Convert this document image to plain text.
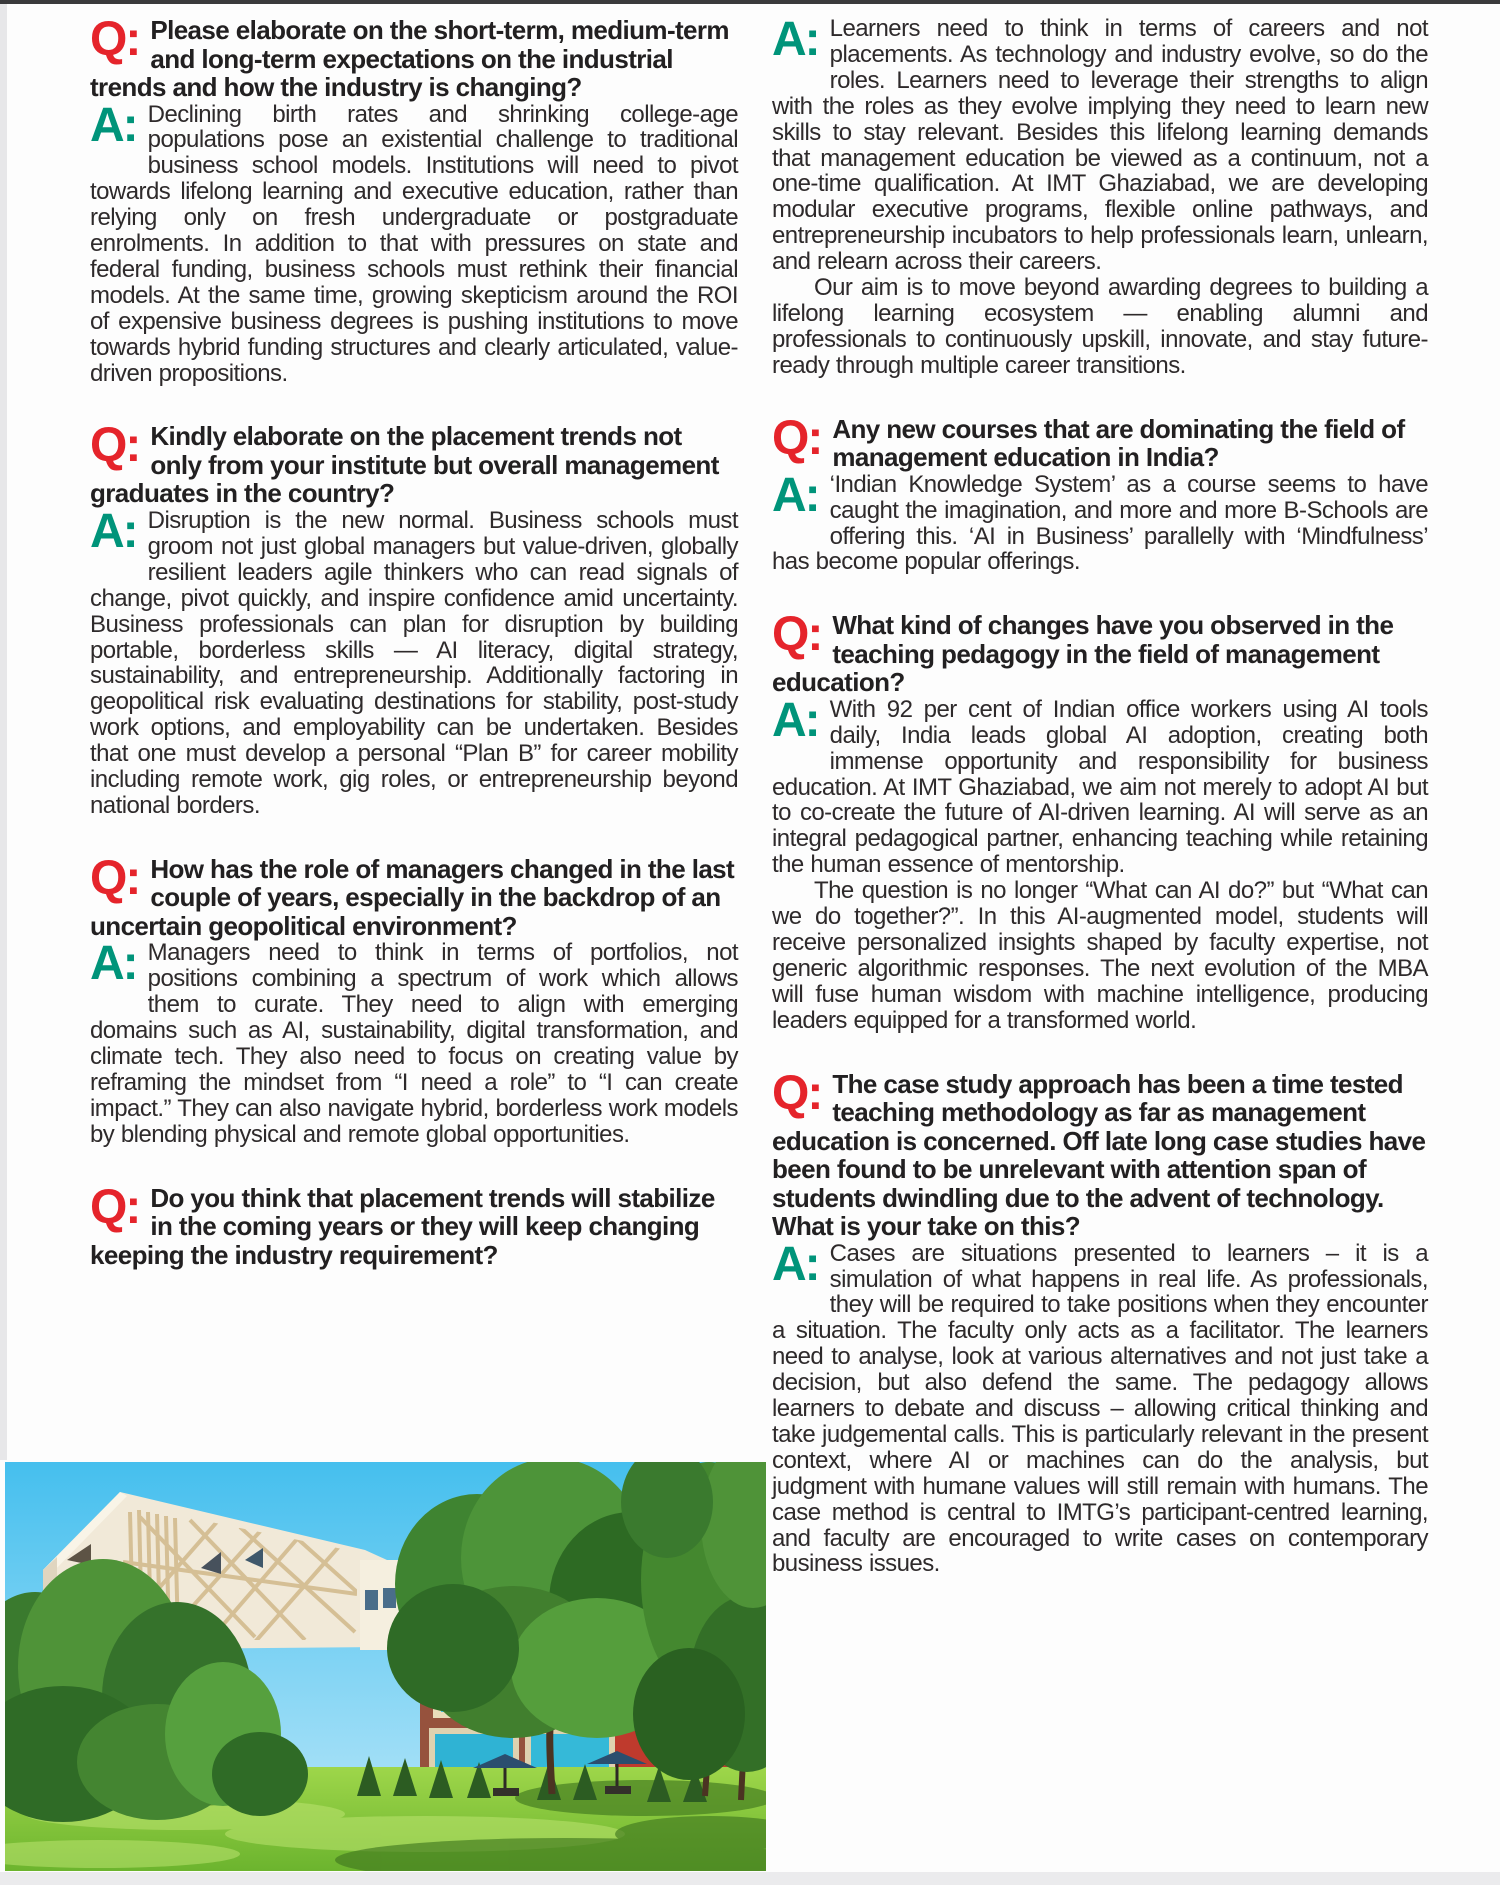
Q: Please elaborate on the short-term, medium-term and long-term expectations on the industrial trends and how the industry is changing?

A: Declining birth rates and shrinking college-age populations pose an existential challenge to traditional business school models. Institutions will need to pivot towards lifelong learning and executive education, rather than relying only on fresh undergraduate or postgraduate enrolments. In addition to that with pressures on state and federal funding, business schools must rethink their financial models. At the same time, growing skepticism around the ROI of expensive business degrees is pushing institutions to move towards hybrid funding structures and clearly articulated, value-driven propositions.

Q: Kindly elaborate on the placement trends not only from your institute but overall management graduates in the country?

A: Disruption is the new normal. Business schools must groom not just global managers but value-driven, globally resilient leaders agile thinkers who can read signals of change, pivot quickly, and inspire confidence amid uncertainty. Business professionals can plan for disruption by building portable, borderless skills — AI literacy, digital strategy, sustainability, and entrepreneurship. Additionally factoring in geopolitical risk evaluating destinations for stability, post-study work options, and employability can be undertaken. Besides that one must develop a personal “Plan B” for career mobility including remote work, gig roles, or entrepreneurship beyond national borders.

Q: How has the role of managers changed in the last couple of years, especially in the backdrop of an uncertain geopolitical environment?

A: Managers need to think in terms of portfolios, not positions combining a spectrum of work which allows them to curate. They need to align with emerging domains such as AI, sustainability, digital transformation, and climate tech. They also need to focus on creating value by reframing the mindset from “I need a role” to “I can create impact.” They can also navigate hybrid, borderless work models by blending physical and remote global opportunities.

Q: Do you think that placement trends will stabilize in the coming years or they will keep changing keeping the industry requirement?

A: Learners need to think in terms of careers and not placements. As technology and industry evolve, so do the roles. Learners need to leverage their strengths to align with the roles as they evolve implying they need to learn new skills to stay relevant. Besides this lifelong learning demands that management education be viewed as a continuum, not a one-time qualification. At IMT Ghaziabad, we are developing modular executive programs, flexible online pathways, and entrepreneurship incubators to help professionals learn, unlearn, and relearn across their careers.

Our aim is to move beyond awarding degrees to building a lifelong learning ecosystem — enabling alumni and professionals to continuously upskill, innovate, and stay future-ready through multiple career transitions.

Q: Any new courses that are dominating the field of management education in India?

A: ‘Indian Knowledge System’ as a course seems to have caught the imagination, and more and more B-Schools are offering this. ‘AI in Business’ parallelly with ‘Mindfulness’ has become popular offerings.

Q: What kind of changes have you observed in the teaching pedagogy in the field of management education?

A: With 92 per cent of Indian office workers using AI tools daily, India leads global AI adoption, creating both immense opportunity and responsibility for business education. At IMT Ghaziabad, we aim not merely to adopt AI but to co-create the future of AI-driven learning. AI will serve as an integral pedagogical partner, enhancing teaching while retaining the human essence of mentorship.

The question is no longer “What can AI do?” but “What can we do together?”. In this AI-augmented model, students will receive personalized insights shaped by faculty expertise, not generic algorithmic responses. The next evolution of the MBA will fuse human wisdom with machine intelligence, producing leaders equipped for a transformed world.

Q: The case study approach has been a time tested teaching methodology as far as management education is concerned. Off late long case studies have been found to be unrelevant with attention span of students dwindling due to the advent of technology. What is your take on this?

A: Cases are situations presented to learners – it is a simulation of what happens in real life. As professionals, they will be required to take positions when they encounter a situation. The faculty only acts as a facilitator. The learners need to analyse, look at various alternatives and not just take a decision, but also defend the same. The pedagogy allows learners to debate and discuss – allowing critical thinking and take judgemental calls. This is particularly relevant in the present context, where AI or machines can do the analysis, but judgment with humane values will still remain with humans. The case method is central to IMTG’s participant-centred learning, and faculty are encouraged to write cases on contemporary business issues.
